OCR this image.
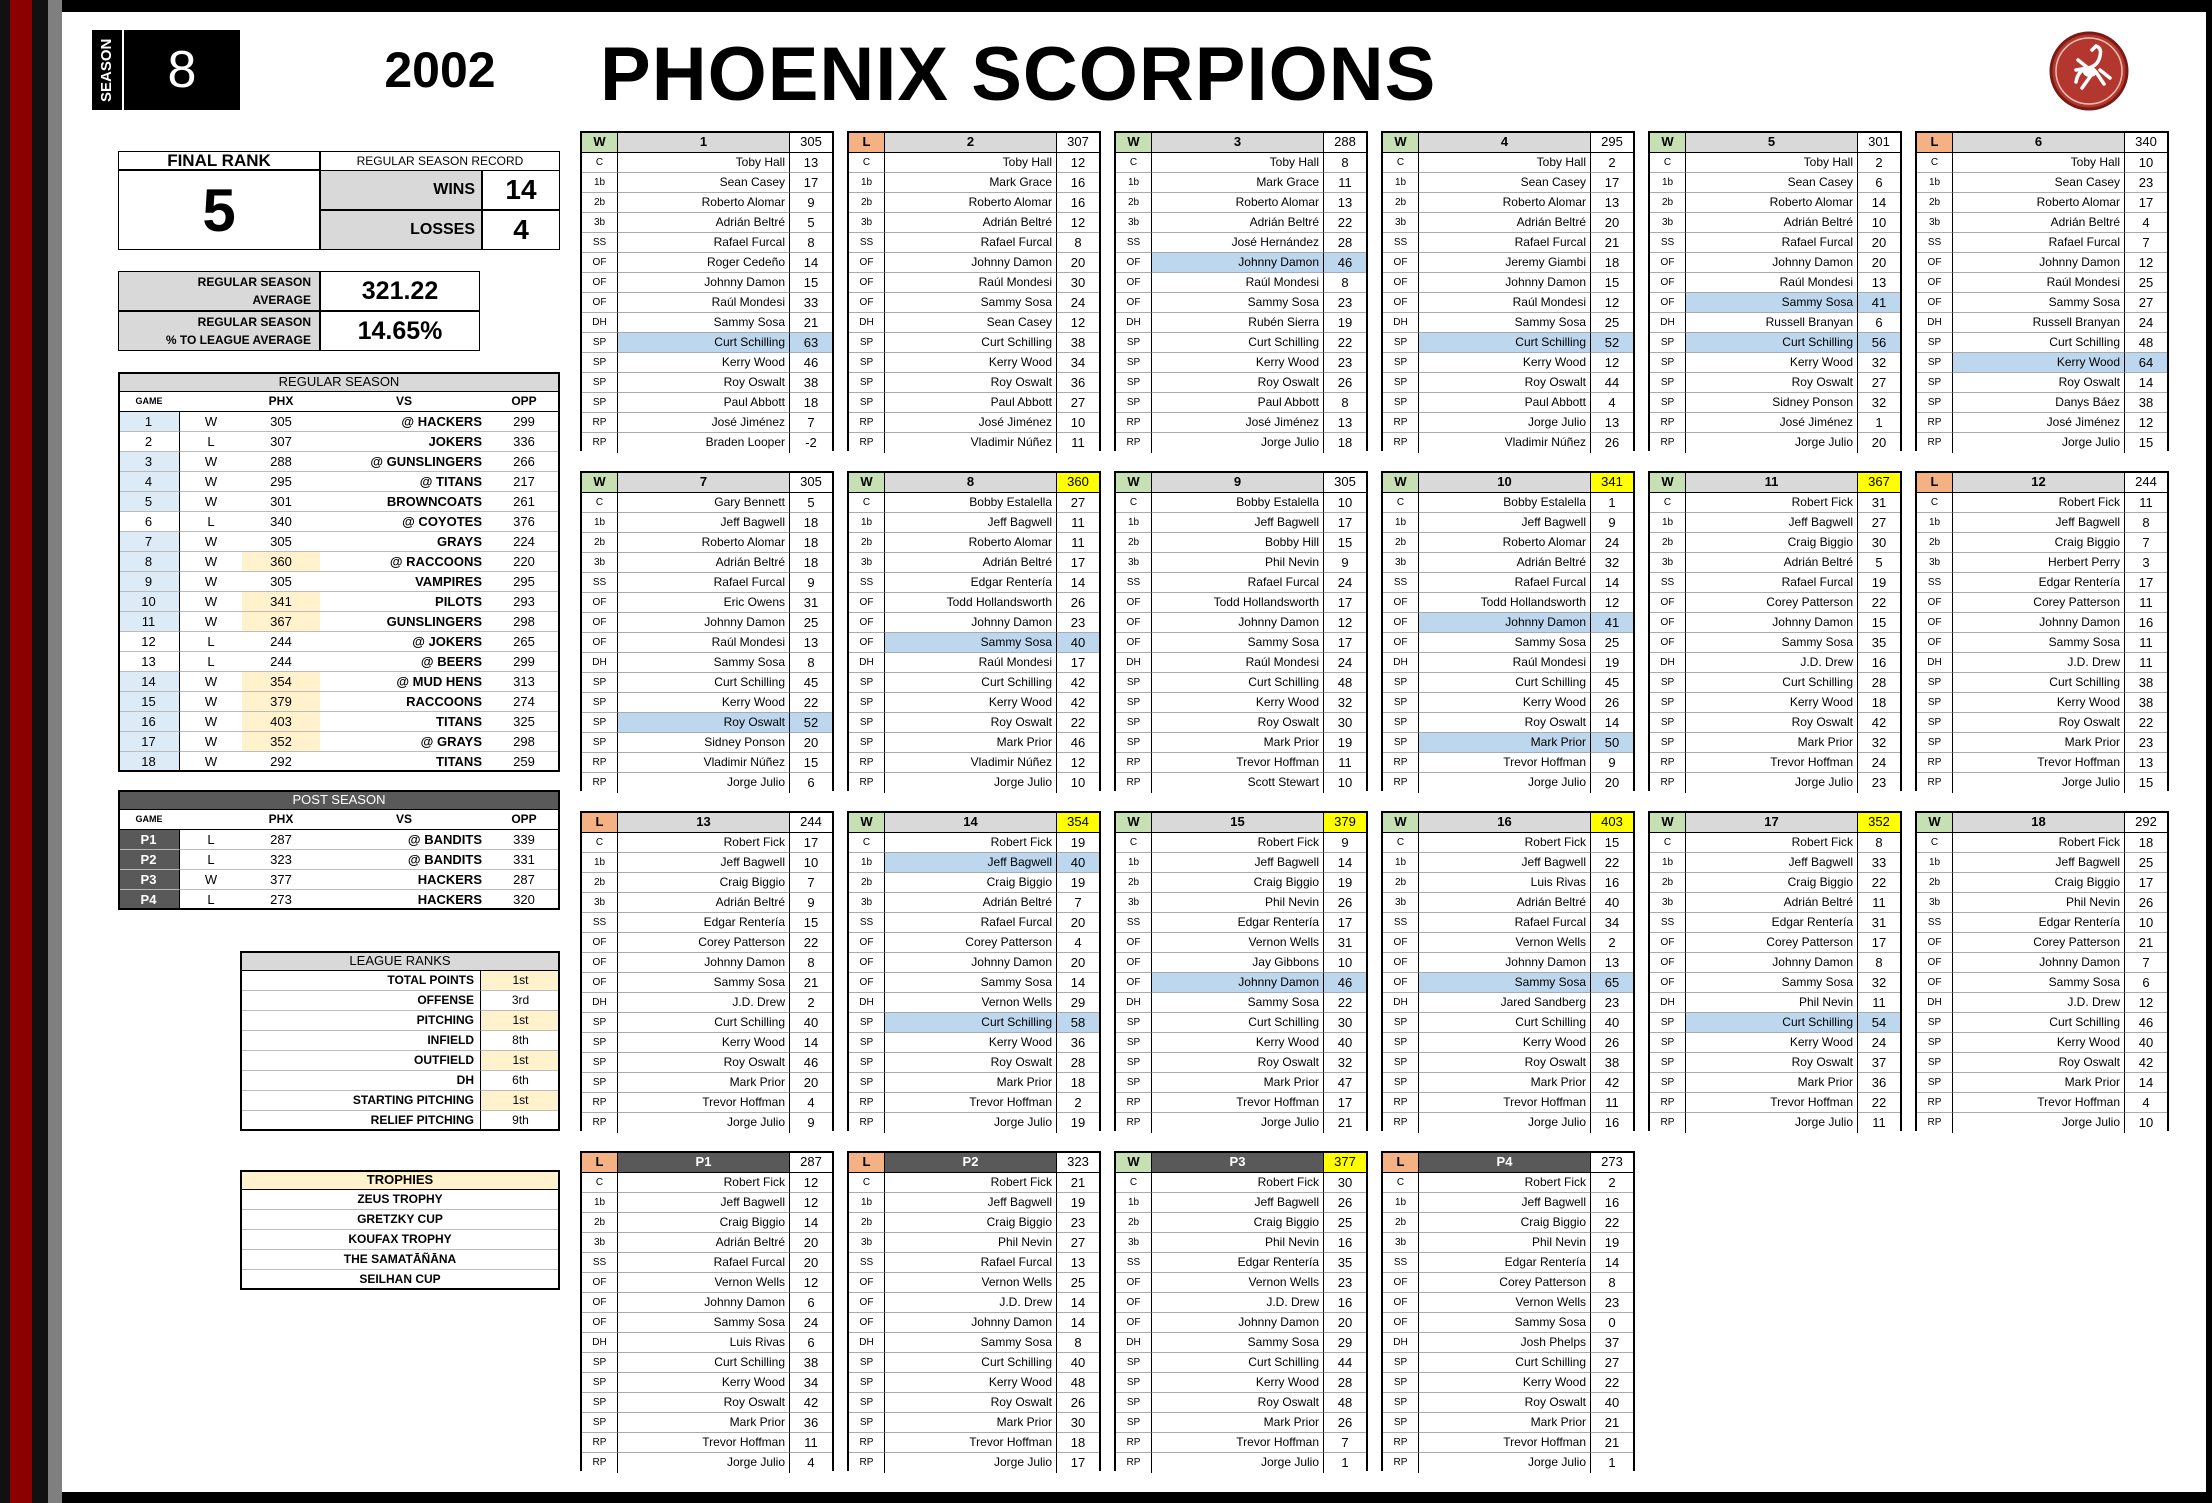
SEASON	8	2002	PHOENIX SCORPIONS
FINAL RANK
5
REGULAR SEASON RECORD
WINS	14
LOSSES	4
REGULAR SEASON
AVERAGE	321.22
REGULAR SEASON
% TO LEAGUE AVERAGE	14.65%
REGULAR SEASON
GAME	PHX	VS	OPP
1	W	305	@ HACKERS	299
2	L	307	JOKERS	336
3	W	288	@ GUNSLINGERS	266
4	W	295	@ TITANS	217
5	W	301	BROWNCOATS	261
6	L	340	@ COYOTES	376
7	W	305	GRAYS	224
8	W	360	@ RACCOONS	220
9	W	305	VAMPIRES	295
10	W	341	PILOTS	293
11	W	367	GUNSLINGERS	298
12	L	244	@ JOKERS	265
13	L	244	@ BEERS	299
14	W	354	@ MUD HENS	313
15	W	379	RACCOONS	274
16	W	403	TITANS	325
17	W	352	@ GRAYS	298
18	W	292	TITANS	259
POST SEASON
GAME	PHX	VS	OPP
P1	L	287	@ BANDITS	339
P2	L	323	@ BANDITS	331
P3	W	377	HACKERS	287
P4	L	273	HACKERS	320
LEAGUE RANKS
TOTAL POINTS	1st
OFFENSE	3rd
PITCHING	1st
INFIELD	8th
OUTFIELD	1st
DH	6th
STARTING PITCHING	1st
RELIEF PITCHING	9th
TROPHIES
ZEUS TROPHY
GRETZKY CUP
KOUFAX TROPHY
THE SAMATĀÑĀNA
SEILHAN CUP
W	1	305
C	Toby Hall	13
1b	Sean Casey	17
2b	Roberto Alomar	9
3b	Adrián Beltré	5
SS	Rafael Furcal	8
OF	Roger Cedeño	14
OF	Johnny Damon	15
OF	Raúl Mondesi	33
DH	Sammy Sosa	21
SP	Curt Schilling	63
SP	Kerry Wood	46
SP	Roy Oswalt	38
SP	Paul Abbott	18
RP	José Jiménez	7
RP	Braden Looper	-2
L	2	307
C	Toby Hall	12
1b	Mark Grace	16
2b	Roberto Alomar	16
3b	Adrián Beltré	12
SS	Rafael Furcal	8
OF	Johnny Damon	20
OF	Raúl Mondesi	30
OF	Sammy Sosa	24
DH	Sean Casey	12
SP	Curt Schilling	38
SP	Kerry Wood	34
SP	Roy Oswalt	36
SP	Paul Abbott	27
RP	José Jiménez	10
RP	Vladimir Núñez	11
W	3	288
C	Toby Hall	8
1b	Mark Grace	11
2b	Roberto Alomar	13
3b	Adrián Beltré	22
SS	José Hernández	28
OF	Johnny Damon	46
OF	Raúl Mondesi	8
OF	Sammy Sosa	23
DH	Rubén Sierra	19
SP	Curt Schilling	22
SP	Kerry Wood	23
SP	Roy Oswalt	26
SP	Paul Abbott	8
RP	José Jiménez	13
RP	Jorge Julio	18
W	4	295
C	Toby Hall	2
1b	Sean Casey	17
2b	Roberto Alomar	13
3b	Adrián Beltré	20
SS	Rafael Furcal	21
OF	Jeremy Giambi	18
OF	Johnny Damon	15
OF	Raúl Mondesi	12
DH	Sammy Sosa	25
SP	Curt Schilling	52
SP	Kerry Wood	12
SP	Roy Oswalt	44
SP	Paul Abbott	4
RP	Jorge Julio	13
RP	Vladimir Núñez	26
W	5	301
C	Toby Hall	2
1b	Sean Casey	6
2b	Roberto Alomar	14
3b	Adrián Beltré	10
SS	Rafael Furcal	20
OF	Johnny Damon	20
OF	Raúl Mondesi	13
OF	Sammy Sosa	41
DH	Russell Branyan	6
SP	Curt Schilling	56
SP	Kerry Wood	32
SP	Roy Oswalt	27
SP	Sidney Ponson	32
RP	José Jiménez	1
RP	Jorge Julio	20
L	6	340
C	Toby Hall	10
1b	Sean Casey	23
2b	Roberto Alomar	17
3b	Adrián Beltré	4
SS	Rafael Furcal	7
OF	Johnny Damon	12
OF	Raúl Mondesi	25
OF	Sammy Sosa	27
DH	Russell Branyan	24
SP	Curt Schilling	48
SP	Kerry Wood	64
SP	Roy Oswalt	14
SP	Danys Báez	38
RP	José Jiménez	12
RP	Jorge Julio	15
W	7	305
C	Gary Bennett	5
1b	Jeff Bagwell	18
2b	Roberto Alomar	18
3b	Adrián Beltré	18
SS	Rafael Furcal	9
OF	Eric Owens	31
OF	Johnny Damon	25
OF	Raúl Mondesi	13
DH	Sammy Sosa	8
SP	Curt Schilling	45
SP	Kerry Wood	22
SP	Roy Oswalt	52
SP	Sidney Ponson	20
RP	Vladimir Núñez	15
RP	Jorge Julio	6
W	8	360
C	Bobby Estalella	27
1b	Jeff Bagwell	11
2b	Roberto Alomar	11
3b	Adrián Beltré	17
SS	Edgar Rentería	14
OF	Todd Hollandsworth	26
OF	Johnny Damon	23
OF	Sammy Sosa	40
DH	Raúl Mondesi	17
SP	Curt Schilling	42
SP	Kerry Wood	42
SP	Roy Oswalt	22
SP	Mark Prior	46
RP	Vladimir Núñez	12
RP	Jorge Julio	10
W	9	305
C	Bobby Estalella	10
1b	Jeff Bagwell	17
2b	Bobby Hill	15
3b	Phil Nevin	9
SS	Rafael Furcal	24
OF	Todd Hollandsworth	17
OF	Johnny Damon	12
OF	Sammy Sosa	17
DH	Raúl Mondesi	24
SP	Curt Schilling	48
SP	Kerry Wood	32
SP	Roy Oswalt	30
SP	Mark Prior	19
RP	Trevor Hoffman	11
RP	Scott Stewart	10
W	10	341
C	Bobby Estalella	1
1b	Jeff Bagwell	9
2b	Roberto Alomar	24
3b	Adrián Beltré	32
SS	Rafael Furcal	14
OF	Todd Hollandsworth	12
OF	Johnny Damon	41
OF	Sammy Sosa	25
DH	Raúl Mondesi	19
SP	Curt Schilling	45
SP	Kerry Wood	26
SP	Roy Oswalt	14
SP	Mark Prior	50
RP	Trevor Hoffman	9
RP	Jorge Julio	20
W	11	367
C	Robert Fick	31
1b	Jeff Bagwell	27
2b	Craig Biggio	30
3b	Adrián Beltré	5
SS	Rafael Furcal	19
OF	Corey Patterson	22
OF	Johnny Damon	15
OF	Sammy Sosa	35
DH	J.D. Drew	16
SP	Curt Schilling	28
SP	Kerry Wood	18
SP	Roy Oswalt	42
SP	Mark Prior	32
RP	Trevor Hoffman	24
RP	Jorge Julio	23
L	12	244
C	Robert Fick	11
1b	Jeff Bagwell	8
2b	Craig Biggio	7
3b	Herbert Perry	3
SS	Edgar Rentería	17
OF	Corey Patterson	11
OF	Johnny Damon	16
OF	Sammy Sosa	11
DH	J.D. Drew	11
SP	Curt Schilling	38
SP	Kerry Wood	38
SP	Roy Oswalt	22
SP	Mark Prior	23
RP	Trevor Hoffman	13
RP	Jorge Julio	15
L	13	244
C	Robert Fick	17
1b	Jeff Bagwell	10
2b	Craig Biggio	7
3b	Adrián Beltré	9
SS	Edgar Rentería	15
OF	Corey Patterson	22
OF	Johnny Damon	8
OF	Sammy Sosa	21
DH	J.D. Drew	2
SP	Curt Schilling	40
SP	Kerry Wood	14
SP	Roy Oswalt	46
SP	Mark Prior	20
RP	Trevor Hoffman	4
RP	Jorge Julio	9
W	14	354
C	Robert Fick	19
1b	Jeff Bagwell	40
2b	Craig Biggio	19
3b	Adrián Beltré	7
SS	Rafael Furcal	20
OF	Corey Patterson	4
OF	Johnny Damon	20
OF	Sammy Sosa	14
DH	Vernon Wells	29
SP	Curt Schilling	58
SP	Kerry Wood	36
SP	Roy Oswalt	28
SP	Mark Prior	18
RP	Trevor Hoffman	2
RP	Jorge Julio	19
W	15	379
C	Robert Fick	9
1b	Jeff Bagwell	14
2b	Craig Biggio	19
3b	Phil Nevin	26
SS	Edgar Rentería	17
OF	Vernon Wells	31
OF	Jay Gibbons	10
OF	Johnny Damon	46
DH	Sammy Sosa	22
SP	Curt Schilling	30
SP	Kerry Wood	40
SP	Roy Oswalt	32
SP	Mark Prior	47
RP	Trevor Hoffman	17
RP	Jorge Julio	21
W	16	403
C	Robert Fick	15
1b	Jeff Bagwell	22
2b	Luis Rivas	16
3b	Adrián Beltré	40
SS	Rafael Furcal	34
OF	Vernon Wells	2
OF	Johnny Damon	13
OF	Sammy Sosa	65
DH	Jared Sandberg	23
SP	Curt Schilling	40
SP	Kerry Wood	26
SP	Roy Oswalt	38
SP	Mark Prior	42
RP	Trevor Hoffman	11
RP	Jorge Julio	16
W	17	352
C	Robert Fick	8
1b	Jeff Bagwell	33
2b	Craig Biggio	22
3b	Adrián Beltré	11
SS	Edgar Rentería	31
OF	Corey Patterson	17
OF	Johnny Damon	8
OF	Sammy Sosa	32
DH	Phil Nevin	11
SP	Curt Schilling	54
SP	Kerry Wood	24
SP	Roy Oswalt	37
SP	Mark Prior	36
RP	Trevor Hoffman	22
RP	Jorge Julio	11
W	18	292
C	Robert Fick	18
1b	Jeff Bagwell	25
2b	Craig Biggio	17
3b	Phil Nevin	26
SS	Edgar Rentería	10
OF	Corey Patterson	21
OF	Johnny Damon	7
OF	Sammy Sosa	6
DH	J.D. Drew	12
SP	Curt Schilling	46
SP	Kerry Wood	40
SP	Roy Oswalt	42
SP	Mark Prior	14
RP	Trevor Hoffman	4
RP	Jorge Julio	10
L	P1	287
C	Robert Fick	12
1b	Jeff Bagwell	12
2b	Craig Biggio	14
3b	Adrián Beltré	20
SS	Rafael Furcal	20
OF	Vernon Wells	12
OF	Johnny Damon	6
OF	Sammy Sosa	24
DH	Luis Rivas	6
SP	Curt Schilling	38
SP	Kerry Wood	34
SP	Roy Oswalt	42
SP	Mark Prior	36
RP	Trevor Hoffman	11
RP	Jorge Julio	4
L	P2	323
C	Robert Fick	21
1b	Jeff Bagwell	19
2b	Craig Biggio	23
3b	Phil Nevin	27
SS	Rafael Furcal	13
OF	Vernon Wells	25
OF	J.D. Drew	14
OF	Johnny Damon	14
DH	Sammy Sosa	8
SP	Curt Schilling	40
SP	Kerry Wood	48
SP	Roy Oswalt	26
SP	Mark Prior	30
RP	Trevor Hoffman	18
RP	Jorge Julio	17
W	P3	377
C	Robert Fick	30
1b	Jeff Bagwell	26
2b	Craig Biggio	25
3b	Phil Nevin	16
SS	Edgar Rentería	35
OF	Vernon Wells	23
OF	J.D. Drew	16
OF	Johnny Damon	20
DH	Sammy Sosa	29
SP	Curt Schilling	44
SP	Kerry Wood	28
SP	Roy Oswalt	48
SP	Mark Prior	26
RP	Trevor Hoffman	7
RP	Jorge Julio	1
L	P4	273
C	Robert Fick	2
1b	Jeff Bagwell	16
2b	Craig Biggio	22
3b	Phil Nevin	19
SS	Edgar Rentería	14
OF	Corey Patterson	8
OF	Vernon Wells	23
OF	Sammy Sosa	0
DH	Josh Phelps	37
SP	Curt Schilling	27
SP	Kerry Wood	22
SP	Roy Oswalt	40
SP	Mark Prior	21
RP	Trevor Hoffman	21
RP	Jorge Julio	1
